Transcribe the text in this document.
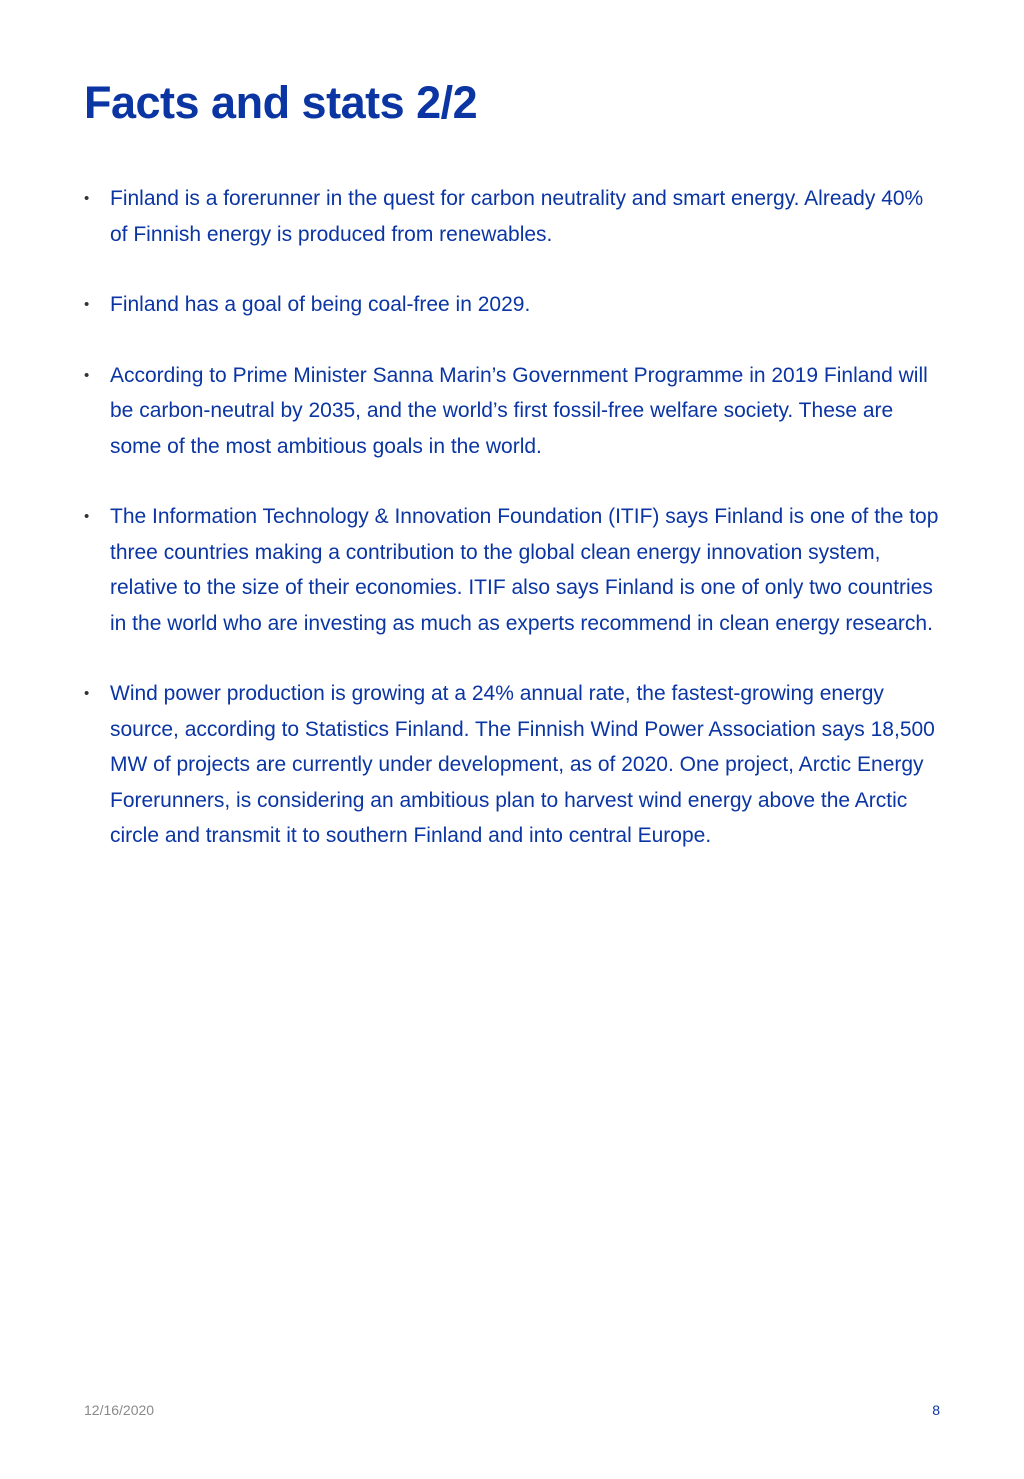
Facts and stats 2/2
• Finland is a forerunner in the quest for carbon neutrality and smart energy. Already 40% of Finnish energy is produced from renewables.
• Finland has a goal of being coal-free in 2029.
• According to Prime Minister Sanna Marin’s Government Programme in 2019 Finland will be carbon-neutral by 2035, and the world’s first fossil-free welfare society. These are some of the most ambitious goals in the world.
• The Information Technology & Innovation Foundation (ITIF) says Finland is one of the top three countries making a contribution to the global clean energy innovation system, relative to the size of their economies. ITIF also says Finland is one of only two countries in the world who are investing as much as experts recommend in clean energy research.
• Wind power production is growing at a 24% annual rate, the fastest-growing energy source, according to Statistics Finland. The Finnish Wind Power Association says 18,500 MW of projects are currently under development, as of 2020. One project, Arctic Energy Forerunners, is considering an ambitious plan to harvest wind energy above the Arctic circle and transmit it to southern Finland and into central Europe.
12/16/2020	8
